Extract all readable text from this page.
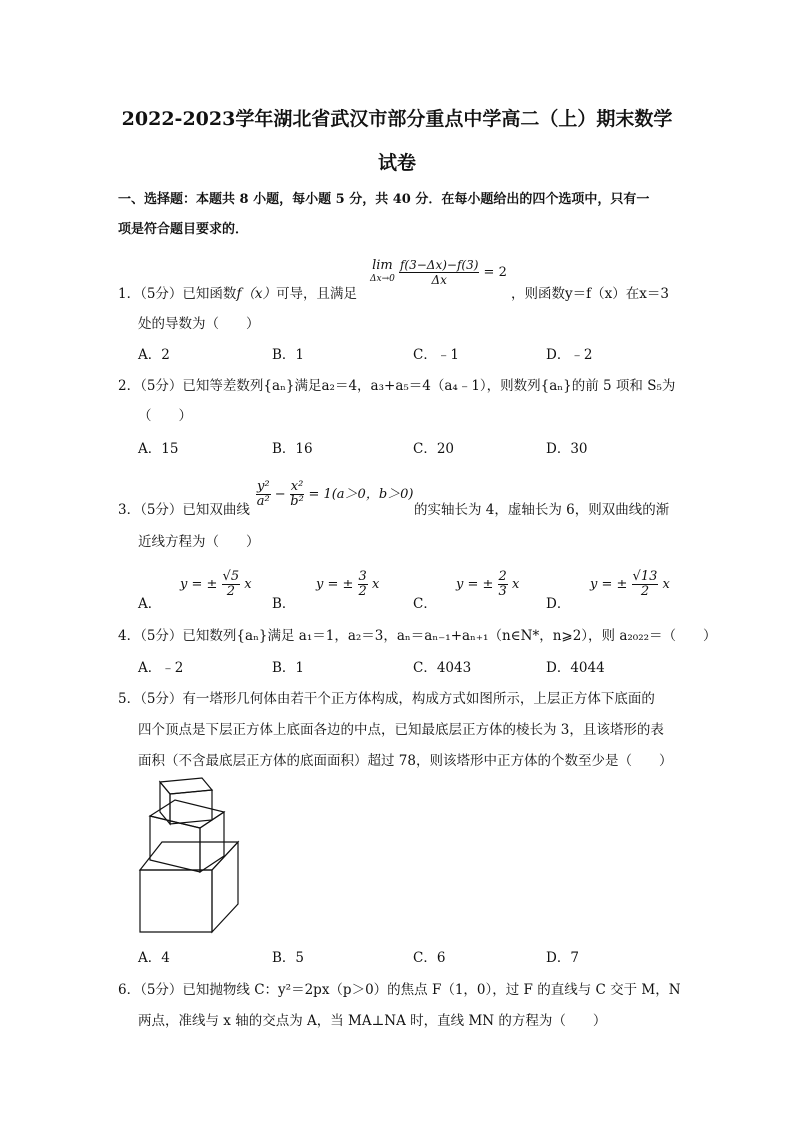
2022-2023学年湖北省武汉市部分重点中学高二（上）期末数学
试卷
一、选择题：本题共 8 小题，每小题 5 分，共 40 分．在每小题给出的四个选项中，只有一
项是符合题目要求的．
1．（5分）已知函数f（x）可导，且满足
lim
$\Delta x\to 0 \frac{f(3-\Delta x)-f(3)}{\Delta x} = 2$
，则函数y＝f（x）在x＝3
处的导数为（　　）
A．2	B．1	C．﹣1	D．﹣2
2．（5分）已知等差数列{aₙ}满足a₂＝4，a₃+a₅＝4（a₄﹣1），则数列{aₙ}的前 5 项和 S₅为
（　　）
A．15	B．16	C．20	D．30
3．（5分）已知双曲线
$\frac{\text{y²}}{\text{a²}} - \frac{\text{x²}}{\text{b²}} = 1(a>0$，b＞0)
的实轴长为 4，虚轴长为 6，则双曲线的渐
近线方程为（　　）
A．
y = ± $\frac{√5}{2}$ x
B．
y = ± $\frac{3}{2}$ x
C．
y = ± $\frac{2}{3}$ x
D．
y = ± $\frac{√13}{2}$ x
4．（5分）已知数列{aₙ}满足 a₁＝1，a₂＝3，aₙ＝aₙ₋₁+aₙ₊₁（n∈N*，n⩾2），则 a₂₀₂₂＝（　　）
A．﹣2	B．1	C．4043	D．4044
5．（5分）有一塔形几何体由若干个正方体构成，构成方式如图所示，上层正方体下底面的
四个顶点是下层正方体上底面各边的中点，已知最底层正方体的棱长为 3，且该塔形的表
面积（不含最底层正方体的底面面积）超过 78，则该塔形中正方体的个数至少是（　　）
A．4	B．5	C．6	D．7
6．（5分）已知抛物线 C：y²＝2px（p＞0）的焦点 F（1，0），过 F 的直线与 C 交于 M，N
两点，准线与 x 轴的交点为 A，当 MA⊥NA 时，直线 MN 的方程为（　　）
